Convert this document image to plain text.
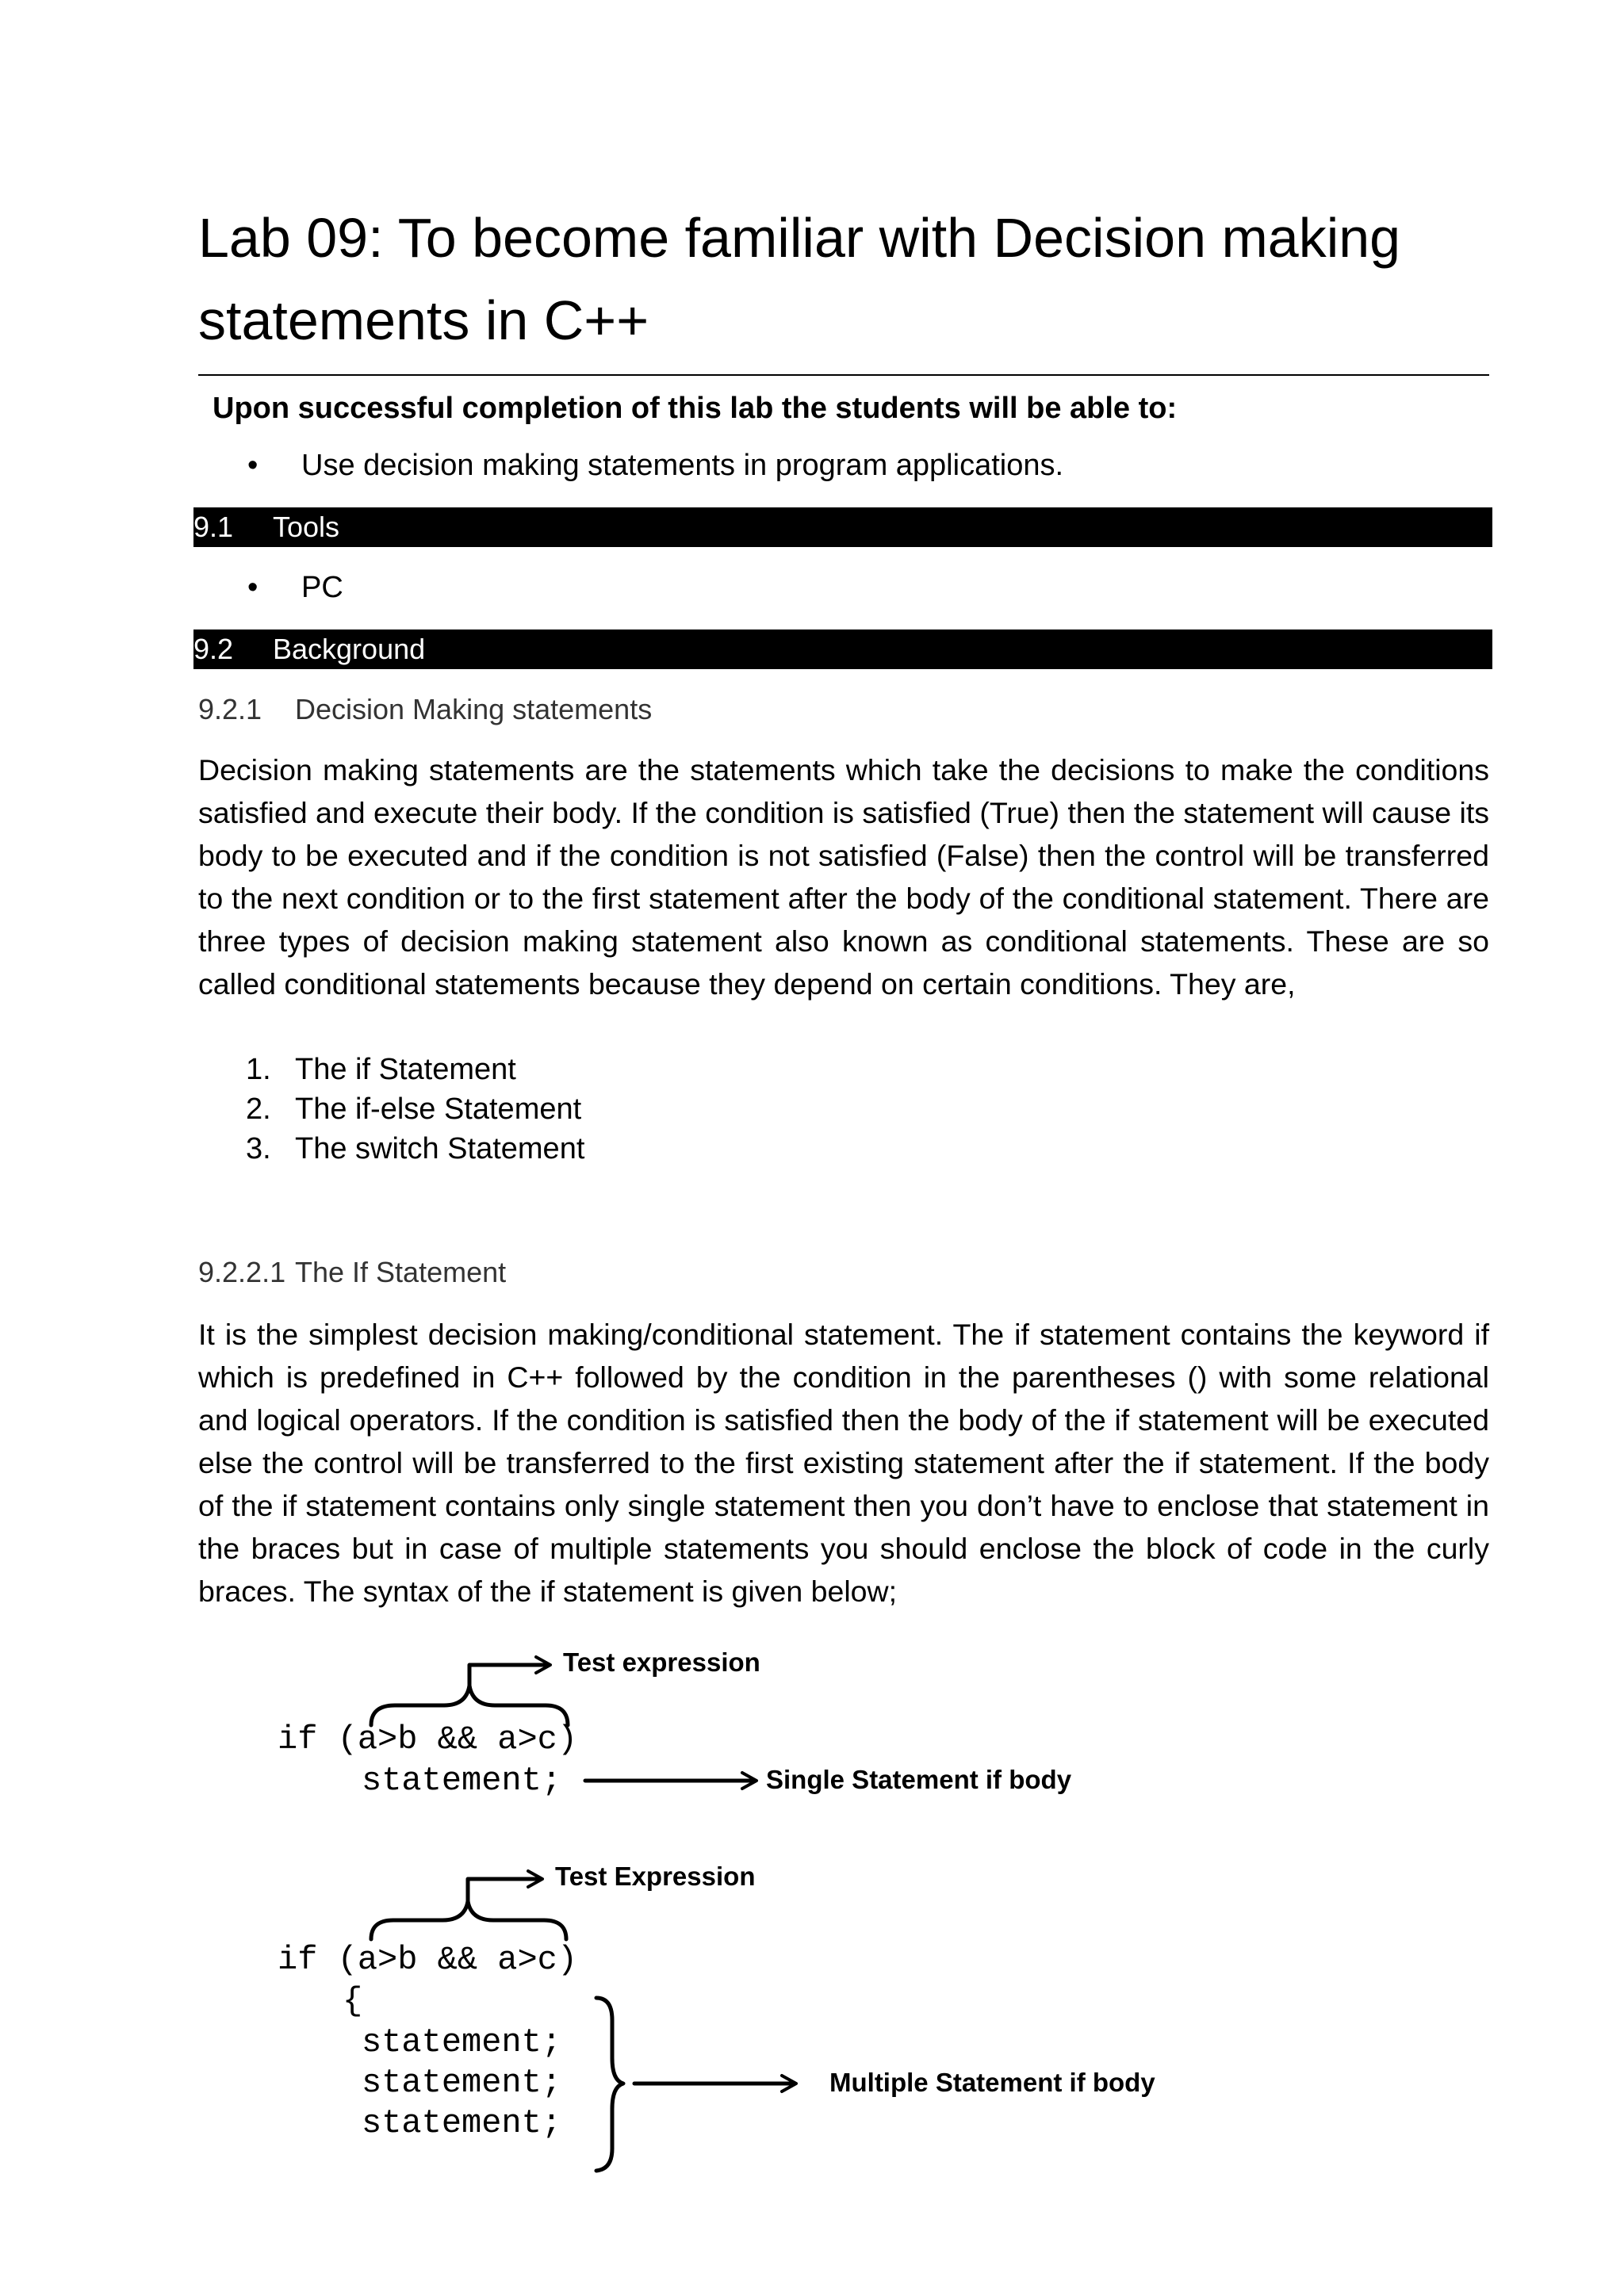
Lab 09: To become familiar with Decision making statements in C++
Upon successful completion of this lab the students will be able to:
• Use decision making statements in program applications.
9.1 Tools
• PC
9.2 Background
9.2.1 Decision Making statements
Decision making statements are the statements which take the decisions to make the conditions satisfied and execute their body. If the condition is satisfied (True) then the statement will cause its body to be executed and if the condition is not satisfied (False) then the control will be transferred to the next condition or to the first statement after the body of the conditional statement. There are three types of decision making statement also known as conditional statements. These are so called conditional statements because they depend on certain conditions. They are,
1. The if Statement
2. The if-else Statement
3. The switch Statement
9.2.2.1 The If Statement
It is the simplest decision making/conditional statement. The if statement contains the keyword if which is predefined in C++ followed by the condition in the parentheses () with some relational and logical operators. If the condition is satisfied then the body of the if statement will be executed else the control will be transferred to the first existing statement after the if statement. If the body of the if statement contains only single statement then you don’t have to enclose that statement in the braces but in case of multiple statements you should enclose the block of code in the curly braces. The syntax of the if statement is given below;
Test expression
if (a>b && a>c)
statement;	Single Statement if body
Test Expression
if (a>b && a>c)
{
statement;
statement;
statement;
Multiple Statement if body
